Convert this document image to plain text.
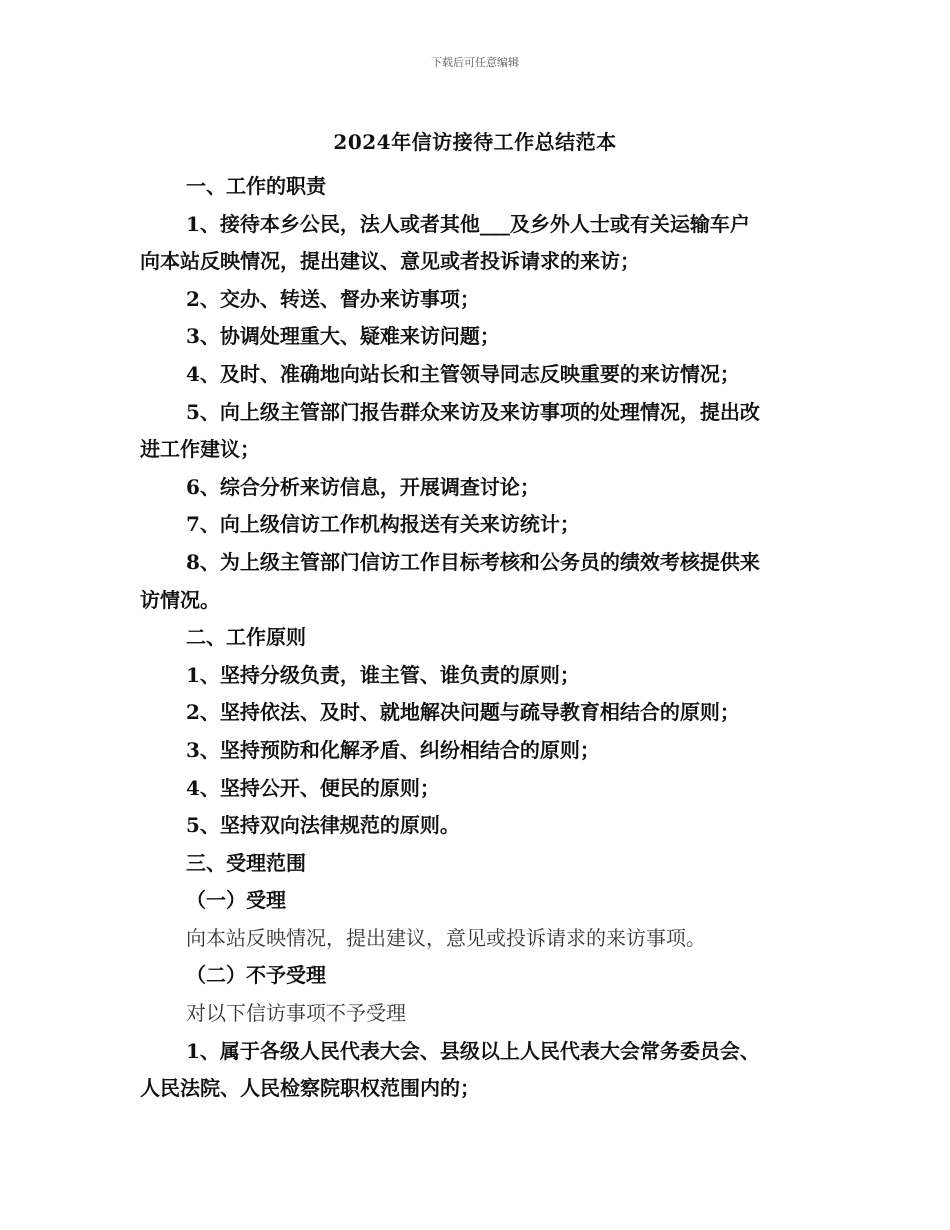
下载后可任意编辑
2024年信访接待工作总结范本
一、工作的职责
1、接待本乡公民，法人或者其他___及乡外人士或有关运输车户
向本站反映情况，提出建议、意见或者投诉请求的来访；
2、交办、转送、督办来访事项；
3、协调处理重大、疑难来访问题；
4、及时、准确地向站长和主管领导同志反映重要的来访情况；
5、向上级主管部门报告群众来访及来访事项的处理情况，提出改
进工作建议；
6、综合分析来访信息，开展调查讨论；
7、向上级信访工作机构报送有关来访统计；
8、为上级主管部门信访工作目标考核和公务员的绩效考核提供来
访情况。
二、工作原则
1、坚持分级负责，谁主管、谁负责的原则；
2、坚持依法、及时、就地解决问题与疏导教育相结合的原则；
3、坚持预防和化解矛盾、纠纷相结合的原则；
4、坚持公开、便民的原则；
5、坚持双向法律规范的原则。
三、受理范围
（一）受理
向本站反映情况，提出建议，意见或投诉请求的来访事项。
（二）不予受理
对以下信访事项不予受理
1、属于各级人民代表大会、县级以上人民代表大会常务委员会、
人民法院、人民检察院职权范围内的；
